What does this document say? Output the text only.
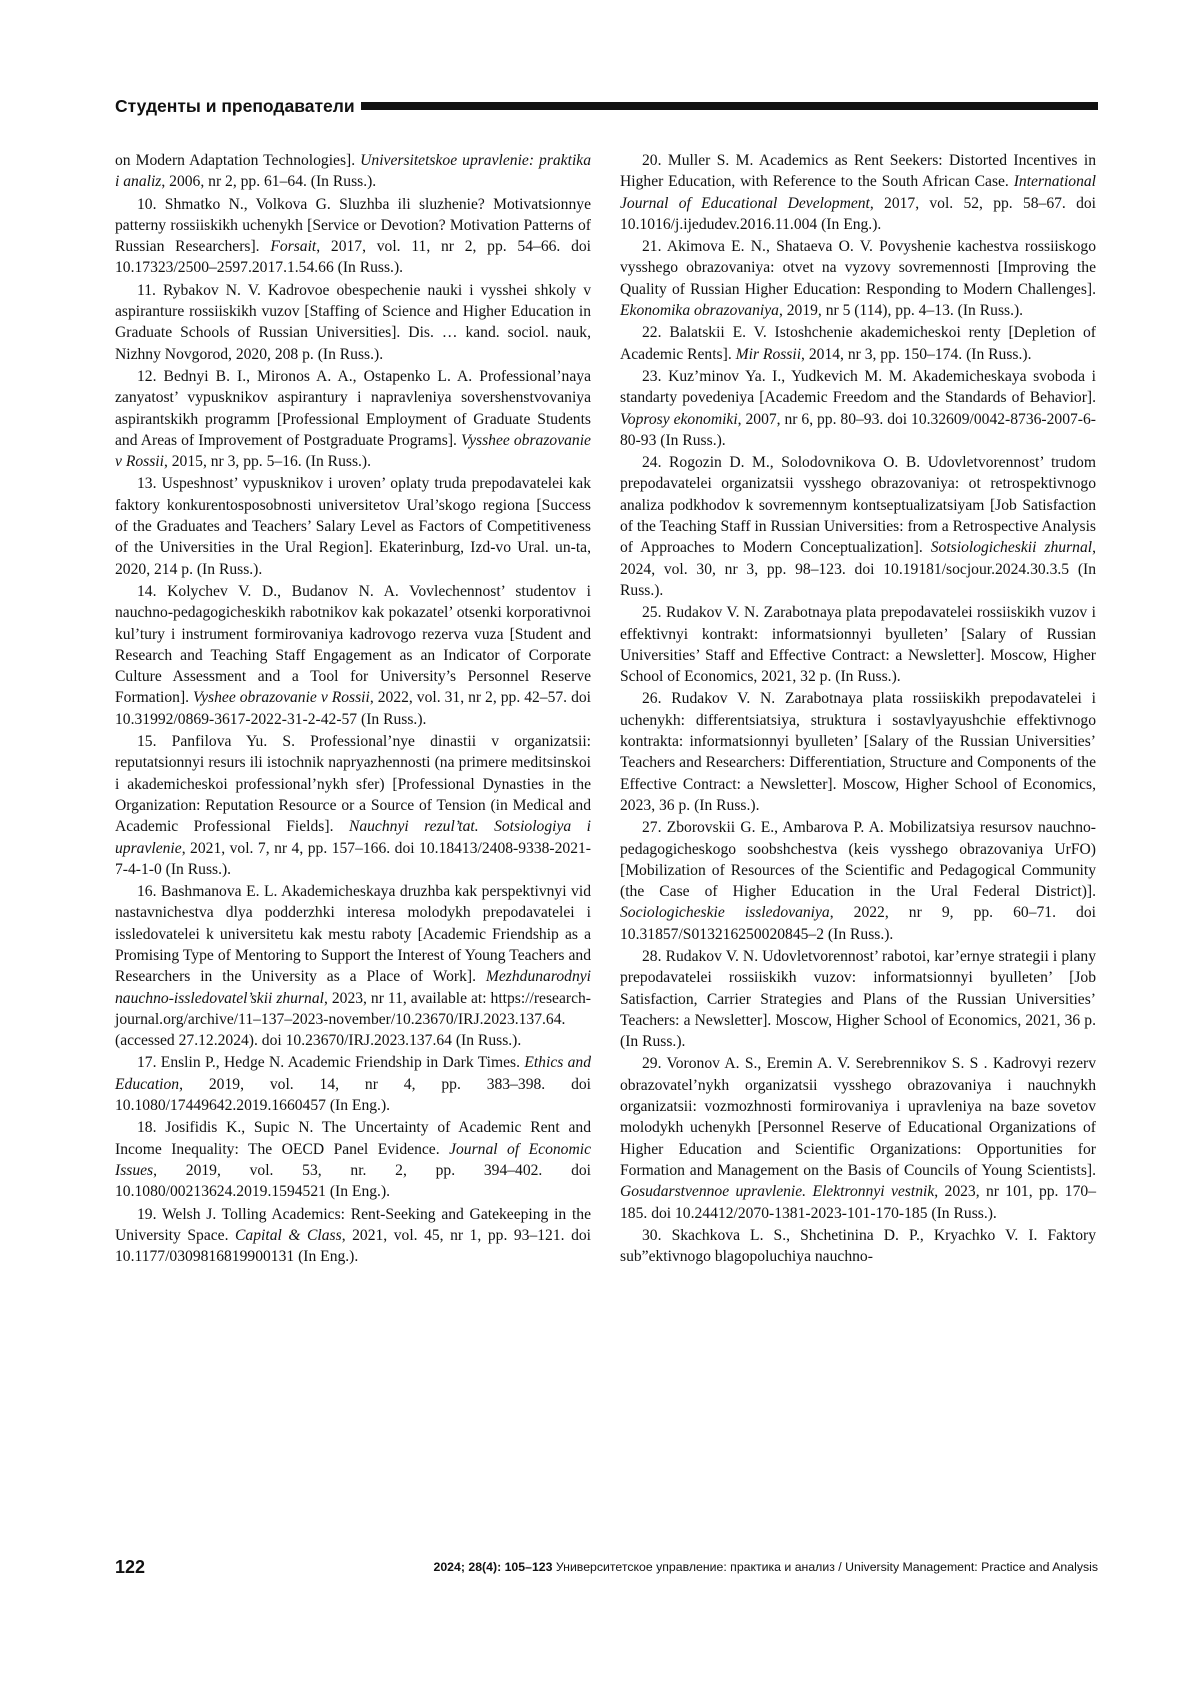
Студенты и преподаватели

on Modern Adaptation Technologies]. Universitetskoe upravlenie: praktika i analiz, 2006, nr 2, pp. 61–64. (In Russ.).

10. Shmatko N., Volkova G. Sluzhba ili sluzhenie? Motivatsionnye patterny rossiiskikh uchenykh [Service or Devotion? Motivation Patterns of Russian Researchers]. Forsait, 2017, vol. 11, nr 2, pp. 54–66. doi 10.17323/2500–2597.2017.1.54.66 (In Russ.).

11. Rybakov N. V. Kadrovoe obespechenie nauki i vysshei shkoly v aspiranture rossiiskikh vuzov [Staffing of Science and Higher Education in Graduate Schools of Russian Universities]. Dis. … kand. sociol. nauk, Nizhny Novgorod, 2020, 208 p. (In Russ.).

12. Bednyi B. I., Mironos A. A., Ostapenko L. A. Professional’naya zanyatost’ vypusknikov aspirantury i napravleniya sovershenstvovaniya aspirantskikh programm [Professional Employment of Graduate Students and Areas of Improvement of Postgraduate Programs]. Vysshee obrazovanie v Rossii, 2015, nr 3, pp. 5–16. (In Russ.).

13. Uspeshnost’ vypusknikov i uroven’ oplaty truda prepodavatelei kak faktory konkurentosposobnosti universitetov Ural’skogo regiona [Success of the Graduates and Teachers’ Salary Level as Factors of Competitiveness of the Universities in the Ural Region]. Ekaterinburg, Izd-vo Ural. un-ta, 2020, 214 p. (In Russ.).

14. Kolychev V. D., Budanov N. A. Vovlechennost’ studentov i nauchno-pedagogicheskikh rabotnikov kak pokazatel’ otsenki korporativnoi kul’tury i instrument formirovaniya kadrovogo rezerva vuza [Student and Research and Teaching Staff Engagement as an Indicator of Corporate Culture Assessment and a Tool for University’s Personnel Reserve Formation]. Vyshee obrazovanie v Rossii, 2022, vol. 31, nr 2, pp. 42–57. doi 10.31992/0869-3617-2022-31-2-42-57 (In Russ.).

15. Panfilova Yu. S. Professional’nye dinastii v organizatsii: reputatsionnyi resurs ili istochnik napryazhennosti (na primere meditsinskoi i akademicheskoi professional’nykh sfer) [Professional Dynasties in the Organization: Reputation Resource or a Source of Tension (in Medical and Academic Professional Fields]. Nauchnyi rezul’tat. Sotsiologiya i upravlenie, 2021, vol. 7, nr 4, pp. 157–166. doi 10.18413/2408-9338-2021-7-4-1-0 (In Russ.).

16. Bashmanova E. L. Akademicheskaya druzhba kak perspektivnyi vid nastavnichestva dlya podderzhki interesa molodykh prepodavatelei i issledovatelei k universitetu kak mestu raboty [Academic Friendship as a Promising Type of Mentoring to Support the Interest of Young Teachers and Researchers in the University as a Place of Work]. Mezhdunarodnyi nauchno-issledovatel’skii zhurnal, 2023, nr 11, available at: https://research-journal.org/archive/11–137–2023-november/10.23670/IRJ.2023.137.64. (accessed 27.12.2024). doi 10.23670/IRJ.2023.137.64 (In Russ.).

17. Enslin P., Hedge N. Academic Friendship in Dark Times. Ethics and Education, 2019, vol. 14, nr 4, pp. 383–398. doi 10.1080/17449642.2019.1660457 (In Eng.).

18. Josifidis K., Supic N. The Uncertainty of Academic Rent and Income Inequality: The OECD Panel Evidence. Journal of Economic Issues, 2019, vol. 53, nr. 2, pp. 394–402. doi 10.1080/00213624.2019.1594521 (In Eng.).

19. Welsh J. Tolling Academics: Rent-Seeking and Gatekeeping in the University Space. Capital & Class, 2021, vol. 45, nr 1, pp. 93–121. doi 10.1177/0309816819900131 (In Eng.).

20. Muller S. M. Academics as Rent Seekers: Distorted Incentives in Higher Education, with Reference to the South African Case. International Journal of Educational Development, 2017, vol. 52, pp. 58–67. doi 10.1016/j.ijedudev.2016.11.004 (In Eng.).

21. Akimova E. N., Shataeva O. V. Povyshenie kachestva rossiiskogo vysshego obrazovaniya: otvet na vyzovy sovremennosti [Improving the Quality of Russian Higher Education: Responding to Modern Challenges]. Ekonomika obrazovaniya, 2019, nr 5 (114), pp. 4–13. (In Russ.).

22. Balatskii E. V. Istoshchenie akademicheskoi renty [Depletion of Academic Rents]. Mir Rossii, 2014, nr 3, pp. 150–174. (In Russ.).

23. Kuz’minov Ya. I., Yudkevich M. M. Akademicheskaya svoboda i standarty povedeniya [Academic Freedom and the Standards of Behavior]. Voprosy ekonomiki, 2007, nr 6, pp. 80–93. doi 10.32609/0042-8736-2007-6-80-93 (In Russ.).

24. Rogozin D. M., Solodovnikova O. B. Udovletvorennost’ trudom prepodavatelei organizatsii vysshego obrazovaniya: ot retrospektivnogo analiza podkhodov k sovremennym kontseptualizatsiyam [Job Satisfaction of the Teaching Staff in Russian Universities: from a Retrospective Analysis of Approaches to Modern Conceptualization]. Sotsiologicheskii zhurnal, 2024, vol. 30, nr 3, pp. 98–123. doi 10.19181/socjour.2024.30.3.5 (In Russ.).

25. Rudakov V. N. Zarabotnaya plata prepodavatelei rossiiskikh vuzov i effektivnyi kontrakt: informatsionnyi byulleten’ [Salary of Russian Universities’ Staff and Effective Contract: a Newsletter]. Moscow, Higher School of Economics, 2021, 32 p. (In Russ.).

26. Rudakov V. N. Zarabotnaya plata rossiiskikh prepodavatelei i uchenykh: differentsiatsiya, struktura i sostavlyayushchie effektivnogo kontrakta: informatsionnyi byulleten’ [Salary of the Russian Universities’ Teachers and Researchers: Differentiation, Structure and Components of the Effective Contract: a Newsletter]. Moscow, Higher School of Economics, 2023, 36 p. (In Russ.).

27. Zborovskii G. E., Ambarova P. A. Mobilizatsiya resursov nauchno-pedagogicheskogo soobshchestva (keis vysshego obrazovaniya UrFO) [Mobilization of Resources of the Scientific and Pedagogical Community (the Case of Higher Education in the Ural Federal District)]. Sociologicheskie issledovaniya, 2022, nr 9, pp. 60–71. doi 10.31857/S013216250020845–2 (In Russ.).

28. Rudakov V. N. Udovletvorennost’ rabotoi, kar’ernye strategii i plany prepodavatelei rossiiskikh vuzov: informatsionnyi byulleten’ [Job Satisfaction, Carrier Strategies and Plans of the Russian Universities’ Teachers: a Newsletter]. Moscow, Higher School of Economics, 2021, 36 p. (In Russ.).

29. Voronov A. S., Eremin A. V. Serebrennikov S. S . Kadrovyi rezerv obrazovatel’nykh organizatsii vysshego obrazovaniya i nauchnykh organizatsii: vozmozhnosti formirovaniya i upravleniya na baze sovetov molodykh uchenykh [Personnel Reserve of Educational Organizations of Higher Education and Scientific Organizations: Opportunities for Formation and Management on the Basis of Councils of Young Scientists]. Gosudarstvennoe upravlenie. Elektronnyi vestnik, 2023, nr 101, pp. 170–185. doi 10.24412/2070-1381-2023-101-170-185 (In Russ.).

30. Skachkova L. S., Shchetinina D. P., Kryachko V. I. Faktory sub”ektivnogo blagopoluchiya nauchno-

122	2024; 28(4): 105–123 Университетское управление: практика и анализ / University Management: Practice and Analysis
